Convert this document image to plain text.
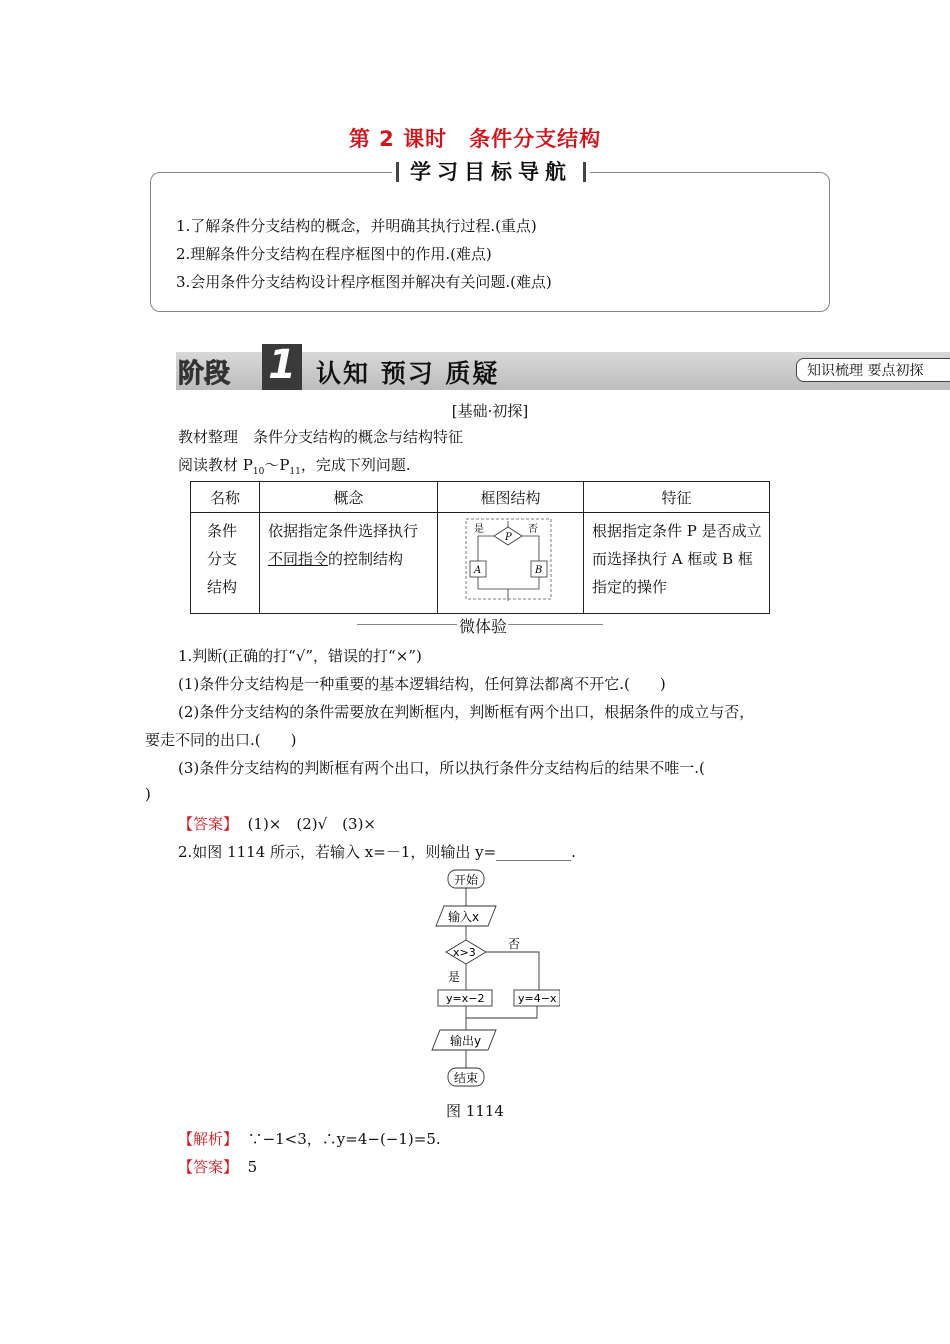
第 2 课时　条件分支结构
学习目标导航
1.了解条件分支结构的概念，并明确其执行过程.(重点)
2.理解条件分支结构在程序框图中的作用.(难点)
3.会用条件分支结构设计程序框图并解决有关问题.(难点)
阶段 1 认知 预习 质疑	知识梳理 要点初探
[基础·初探]
教材整理　条件分支结构的概念与结构特征
阅读教材 $P_{10}\sim P_{11}$，完成下列问题.
名称	概念	框图结构	特征

条件分支结构	依据指定条件选择执行不同指令的控制结构	P
是 否
A B	根据指定条件 P 是否成立而选择执行 A 框或 B 框指定的操作
微体验
1.判断(正确的打“√”，错误的打“×”)
(1)条件分支结构是一种重要的基本逻辑结构，任何算法都离不开它.(　　)
(2)条件分支结构的条件需要放在判断框内，判断框有两个出口，根据条件的成立与否，
要走不同的出口.(　　)
(3)条件分支结构的判断框有两个出口，所以执行条件分支结构后的结果不唯一.(
)
【答案】 (1)×　(2)√　(3)×
2.如图 1114 所示，若输入 x=－1，则输出 y=__________.
开始
输入x
x>3
否
是
y=x−2	y=4−x
输出y
结束
图 1114
【解析】 ∵−1<3，∴y=4−(−1)=5.
【答案】 5
